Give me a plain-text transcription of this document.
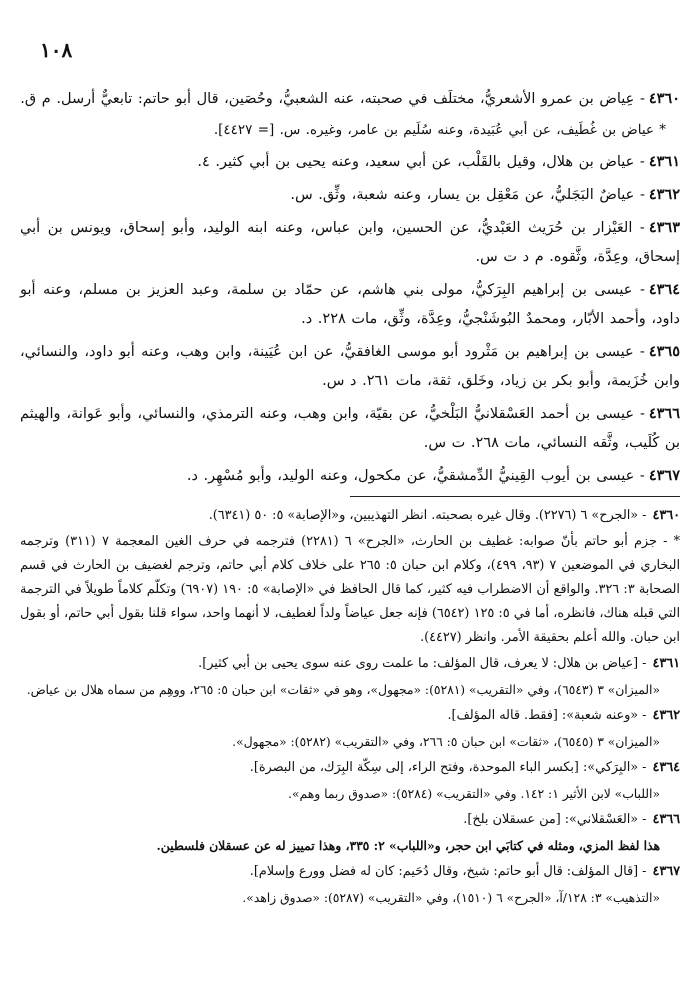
١٠٨

٤٣٦٠- عِياض بن عمرو الأشعريُّ، مختلَف في صحبته، عنه الشعبيُّ، وحُصَين، قال أبو حاتم: تابعيٌّ أرسل. م ق.

* عياض بن غُطَيف، عن أبي عُبَيدة، وعنه سُلَيم بن عامر، وغيره. س. [= ٤٤٢٧].

٤٣٦١- عياض بن هلال، وقيل بالقَلْب، عن أبي سعيد، وعنه يحيى بن أبي كثير. ٤.

٤٣٦٢- عياضٌ البَجَليُّ، عن مَعْقِل بن يسار، وعنه شعبة، وثِّق. س.

٤٣٦٣- العَيْزار بن حُرَيث العَبْديُّ، عن الحسين، وابن عباس، وعنه ابنه الوليد، وأبو إسحاق، ويونس بن أبي إسحاق، وعِدَّة، وثَّقوه. م د ت س.

٤٣٦٤- عيسى بن إبراهيم البِرَكيُّ، مولى بني هاشم، عن حمّاد بن سلمة، وعبد العزيز بن مسلم، وعنه أبو داود، وأحمد الأبّار، ومحمدٌ البُوشَنْجيُّ، وعِدَّة، وثِّق، مات ٢٢٨. د.

٤٣٦٥- عيسى بن إبراهيم بن مَثْرود أبو موسى الغافقيُّ، عن ابن عُيَينة، وابن وهب، وعنه أبو داود، والنسائي، وابن خُزَيمة، وأبو بكر بن زياد، وخَلق، ثقة، مات ٢٦١. د س.

٤٣٦٦- عيسى بن أحمد العَسْقلانيُّ البَلْخيُّ، عن بقيّة، وابن وهب، وعنه الترمذي، والنسائي، وأبو عَوانة، والهيثم بن كُلَيب، وثَّقه النسائي، مات ٢٦٨. ت س.

٤٣٦٧- عيسى بن أيوب القِينيُّ الدِّمشقيُّ، عن مكحول، وعنه الوليد، وأبو مُسْهِر. د.

٤٣٦٠- «الجرح» ٦ (٢٢٧٦). وقال غيره بصحبته. انظر التهذيبين، و«الإصابة» ٥: ٥٠ (٦٣٤١).

* - جزم أبو حاتم بأنّ صوابه: غطيف بن الحارث، «الجرح» ٦ (٢٢٨١) فترجمه في حرف الغين المعجمة ٧ (٣١١) وترجمه البخاري في الموضعين ٧ (٩٣، ٤٩٩)، وكلام ابن حبان ٥: ٢٦٥ على خلاف كلام أبي حاتم، وترجم لغضيف بن الحارث في قسم الصحابة ٣: ٣٢٦. والواقع أن الاضطراب فيه كثير، كما قال الحافظ في «الإصابة» ٥: ١٩٠ (٦٩٠٧) وتكلّم كلاماً طويلاً في الترجمة التي قبله هناك، فانظره، أما في ٥: ١٢٥ (٦٥٤٢) فإنه جعل عياضاً ولداً لغطيف، لا أنهما واحد، سواء قلنا بقول أبي حاتم، أو بقول ابن حبان. والله أعلم بحقيقة الأمر. وانظر (٤٤٢٧).

٤٣٦١- [عياض بن هلال: لا يعرف، قال المؤلف: ما علمت روى عنه سوى يحيى بن أبي كثير].

«الميزان» ٣ (٦٥٤٣)، وفي «التقريب» (٥٢٨١): «مجهول»، وهو في «ثقات» ابن حبان ٥: ٢٦٥، ووهِم من سماه هلال بن عياض.

٤٣٦٢- «وعنه شعبة»: [فقط. قاله المؤلف].

«الميزان» ٣ (٦٥٤٥)، «ثقات» ابن حبان ٥: ٢٦٦، وفي «التقريب» (٥٢٨٢): «مجهول».

٤٣٦٤- «البِرَكي»: [بكسر الباء الموحدة، وفتح الراء، إلى سِكّة البِرَك، من البصرة].

«اللباب» لابن الأثير ١: ١٤٢. وفي «التقريب» (٥٢٨٤): «صدوق ربما وهم».

٤٣٦٦- «العَسْقلاني»: [من عسقلان بلخ].

هذا لفظ المزي، ومثله في كتابَي ابن حجر، و«اللباب» ٢: ٣٣٥، وهذا تمييز له عن عسقلان فلسطين.

٤٣٦٧- [قال المؤلف: قال أبو حاتم: شيخ، وقال دُحَيم: كان له فضل وورع وإسلام].

«التذهيب» ٣: ١٢٨/آ، «الجرح» ٦ (١٥١٠)، وفي «التقريب» (٥٢٨٧): «صدوق زاهد».
